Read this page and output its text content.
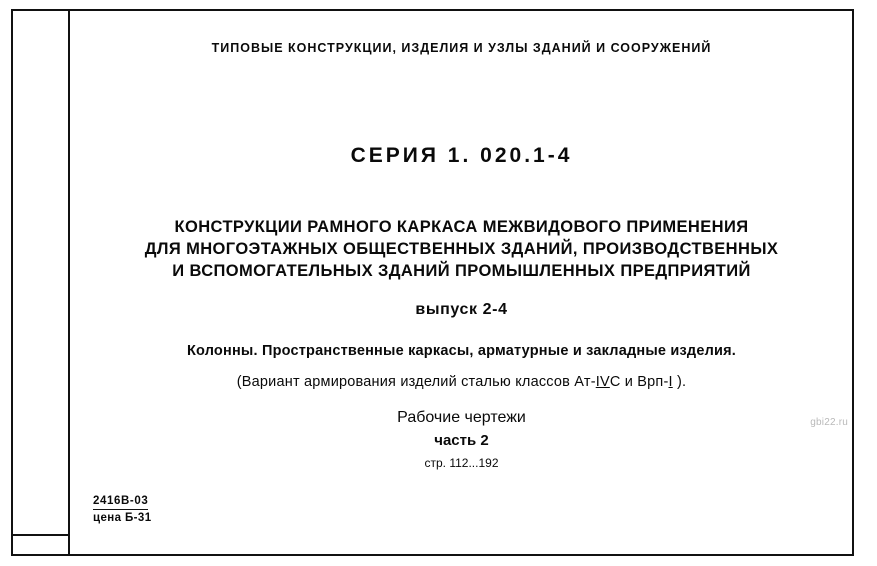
ТИПОВЫЕ КОНСТРУКЦИИ, ИЗДЕЛИЯ И УЗЛЫ ЗДАНИЙ И СООРУЖЕНИЙ
СЕРИЯ 1. 020.1-4
КОНСТРУКЦИИ РАМНОГО КАРКАСА МЕЖВИДОВОГО ПРИМЕНЕНИЯ
ДЛЯ МНОГОЭТАЖНЫХ ОБЩЕСТВЕННЫХ ЗДАНИЙ, ПРОИЗВОДСТВЕННЫХ
И ВСПОМОГАТЕЛЬНЫХ ЗДАНИЙ ПРОМЫШЛЕННЫХ ПРЕДПРИЯТИЙ
выпуск 2-4
Колонны. Пространственные каркасы, арматурные и закладные изделия.
(Вариант армирования изделий сталью классов Ат-IVС и Врп-I ).
Рабочие чертежи
часть 2
стр. 112...192
2416В-03
цена Б-31
gbi22.ru
